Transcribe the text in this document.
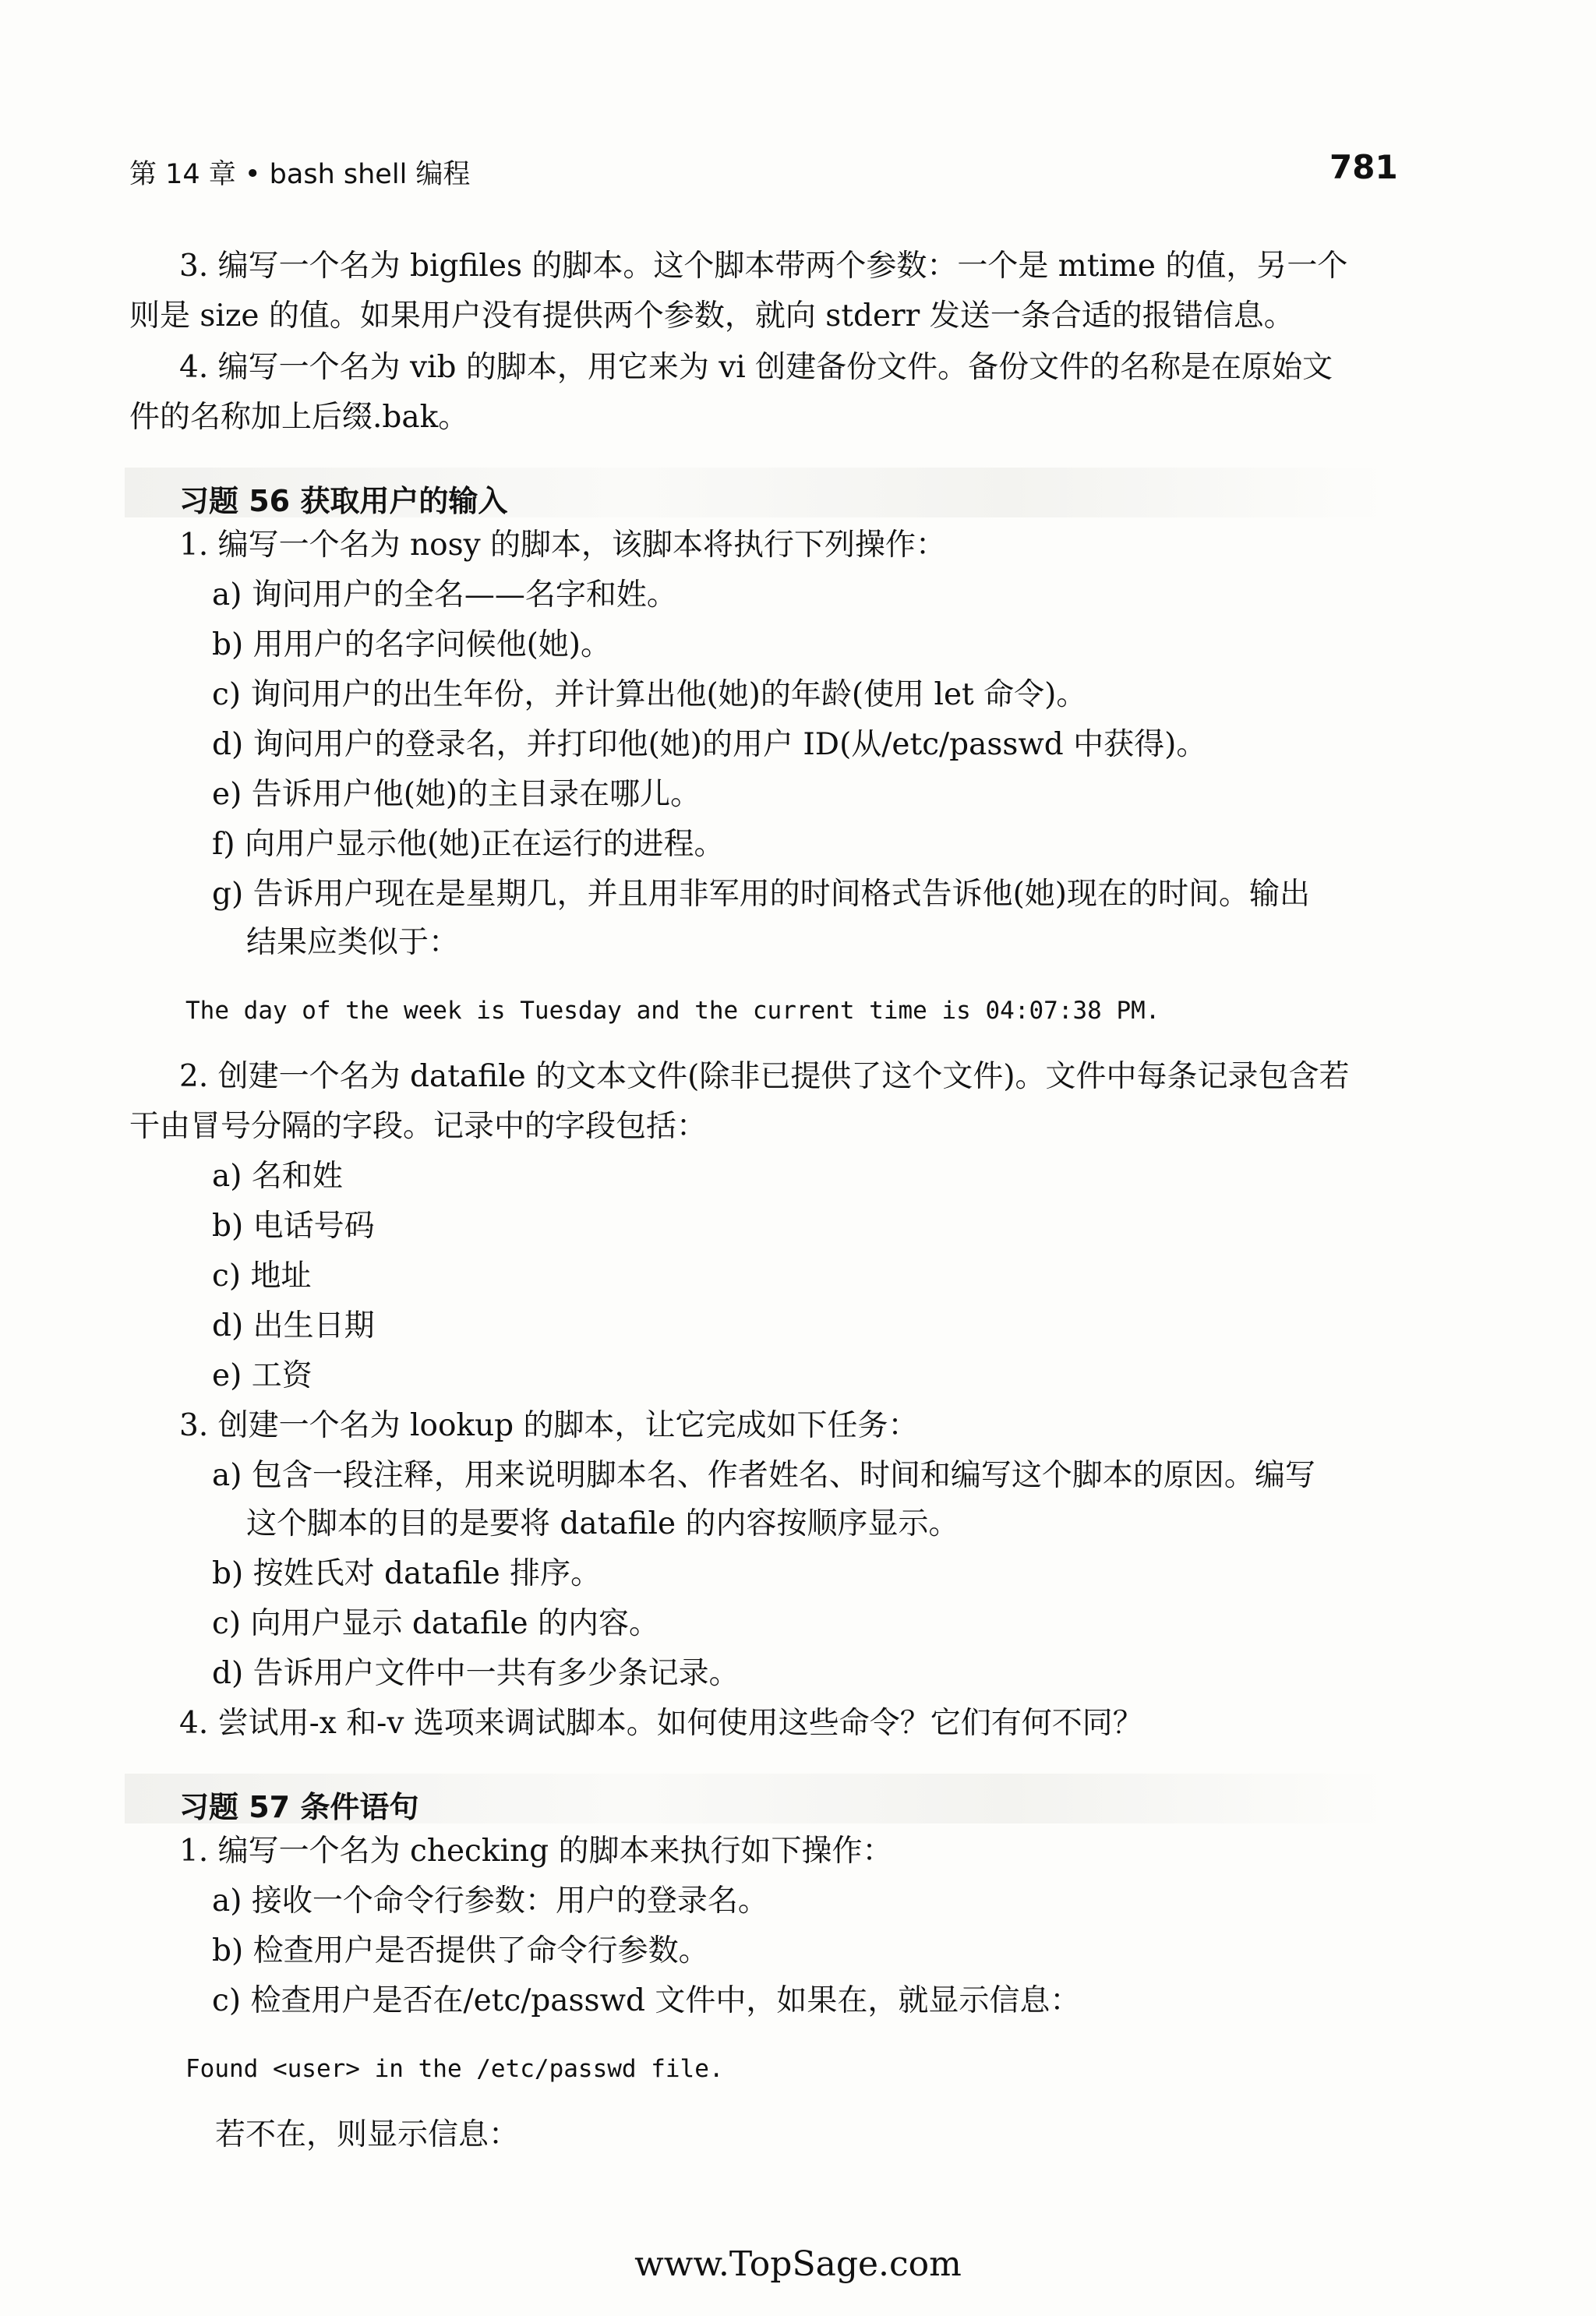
第 14 章 • bash shell 编程	781
3. 编写一个名为 bigfiles 的脚本。这个脚本带两个参数：一个是 mtime 的值，另一个
则是 size 的值。如果用户没有提供两个参数，就向 stderr 发送一条合适的报错信息。
4. 编写一个名为 vib 的脚本，用它来为 vi 创建备份文件。备份文件的名称是在原始文
件的名称加上后缀.bak。
习题 56 获取用户的输入
1. 编写一个名为 nosy 的脚本，该脚本将执行下列操作：
a) 询问用户的全名——名字和姓。
b) 用用户的名字问候他(她)。
c) 询问用户的出生年份，并计算出他(她)的年龄(使用 let 命令)。
d) 询问用户的登录名，并打印他(她)的用户 ID(从/etc/passwd 中获得)。
e) 告诉用户他(她)的主目录在哪儿。
f) 向用户显示他(她)正在运行的进程。
g) 告诉用户现在是星期几，并且用非军用的时间格式告诉他(她)现在的时间。输出
结果应类似于：
The day of the week is Tuesday and the current time is 04:07:38 PM.
2. 创建一个名为 datafile 的文本文件(除非已提供了这个文件)。文件中每条记录包含若
干由冒号分隔的字段。记录中的字段包括：
a) 名和姓
b) 电话号码
c) 地址
d) 出生日期
e) 工资
3. 创建一个名为 lookup 的脚本，让它完成如下任务：
a) 包含一段注释，用来说明脚本名、作者姓名、时间和编写这个脚本的原因。编写
这个脚本的目的是要将 datafile 的内容按顺序显示。
b) 按姓氏对 datafile 排序。
c) 向用户显示 datafile 的内容。
d) 告诉用户文件中一共有多少条记录。
4. 尝试用-x 和-v 选项来调试脚本。如何使用这些命令？它们有何不同？
习题 57 条件语句
1. 编写一个名为 checking 的脚本来执行如下操作：
a) 接收一个命令行参数：用户的登录名。
b) 检查用户是否提供了命令行参数。
c) 检查用户是否在/etc/passwd 文件中，如果在，就显示信息：
Found <user> in the /etc/passwd file.
若不在，则显示信息：
www.TopSage.com
